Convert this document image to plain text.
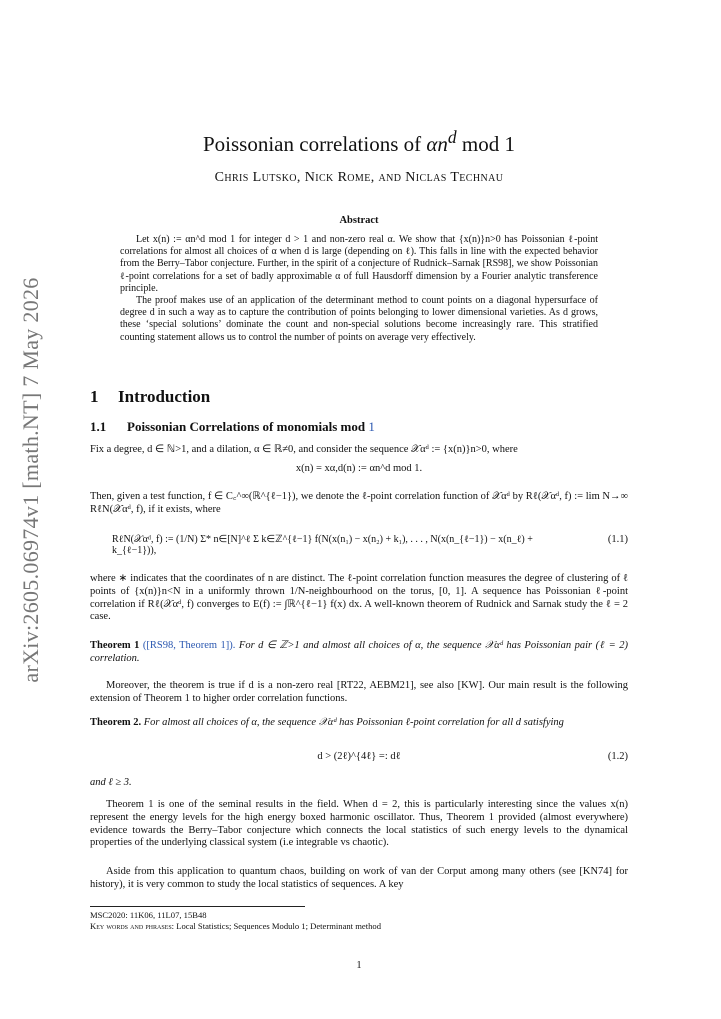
arXiv:2605.06974v1 [math.NT] 7 May 2026
Poissonian correlations of $\alpha n^d$ mod 1
Chris Lutsko, Nick Rome, and Niclas Technau
Abstract

Let x(n) := αn^d mod 1 for integer d > 1 and non-zero real α. We show that {x(n)}n>0 has Poissonian ℓ-point correlations for almost all choices of α when d is large (depending on ℓ). This falls in line with the expected behavior from the Berry–Tabor conjecture. Further, in the spirit of a conjecture of Rudnick–Sarnak [RS98], we show Poissonian ℓ-point correlations for a set of badly approximable α of full Hausdorff dimension by a Fourier analytic transference principle.

The proof makes use of an application of the determinant method to count points on a diagonal hypersurface of degree d in such a way as to capture the contribution of points belonging to lower dimensional varieties. As d grows, these ‘special solutions’ dominate the count and non-special solutions become increasingly rare. This stratified counting statement allows us to control the number of points on average very effectively.

1 Introduction
1.1 Poissonian Correlations of monomials mod 1

Fix a degree, d ∈ ℕ>1, and a dilation, α ∈ ℝ≠0, and consider the sequence 𝒳αᵈ := {x(n)}n>0, where

x(n) = xα,d(n) := αn^d mod 1.

Then, given a test function, f ∈ C꜀^∞(ℝ^{ℓ−1}), we denote the ℓ-point correlation function of 𝒳αᵈ by Rℓ(𝒳αᵈ, f) := lim N→∞ RℓN(𝒳αᵈ, f), if it exists, where

RℓN(𝒳αᵈ, f) := (1/N) Σ* n∈[N]^ℓ Σ k∈ℤ^{ℓ−1} f(N(x(n₁) − x(n₂) + k₁), . . . , N(x(n_{ℓ−1}) − x(n_ℓ) + k_{ℓ−1})),
(1.1)

where ∗ indicates that the coordinates of n are distinct. The ℓ-point correlation function measures the degree of clustering of ℓ points of {x(n)}n<N in a uniformly thrown 1/N-neighbourhood on the torus, [0, 1]. A sequence has Poissonian ℓ-point correlation if Rℓ(𝒳αᵈ, f) converges to E(f) := ∫ℝ^{ℓ−1} f(x) dx. A well-known theorem of Rudnick and Sarnak study the ℓ = 2 case.

Theorem 1 ([RS98, Theorem 1]). For d ∈ ℤ>1 and almost all choices of α, the sequence 𝒳αᵈ has Poissonian pair (ℓ = 2) correlation.

Moreover, the theorem is true if d is a non-zero real [RT22, AEBM21], see also [KW]. Our main result is the following extension of Theorem 1 to higher order correlation functions.

Theorem 2. For almost all choices of α, the sequence 𝒳αᵈ has Poissonian ℓ-point correlation for all d satisfying

d > (2ℓ)^{4ℓ} =: dℓ	(1.2)

and ℓ ≥ 3.

Theorem 1 is one of the seminal results in the field. When d = 2, this is particularly interesting since the values x(n) represent the energy levels for the high energy boxed harmonic oscillator. Thus, Theorem 1 provided (almost everywhere) evidence towards the Berry–Tabor conjecture which connects the local statistics of such energy levels to the dynamical properties of the underlying classical system (i.e integrable vs chaotic).

Aside from this application to quantum chaos, building on work of van der Corput among many others (see [KN74] for history), it is very common to study the local statistics of sequences. A key

MSC2020: 11K06, 11L07, 15B48
Key words and phrases: Local Statistics; Sequences Modulo 1; Determinant method
1
